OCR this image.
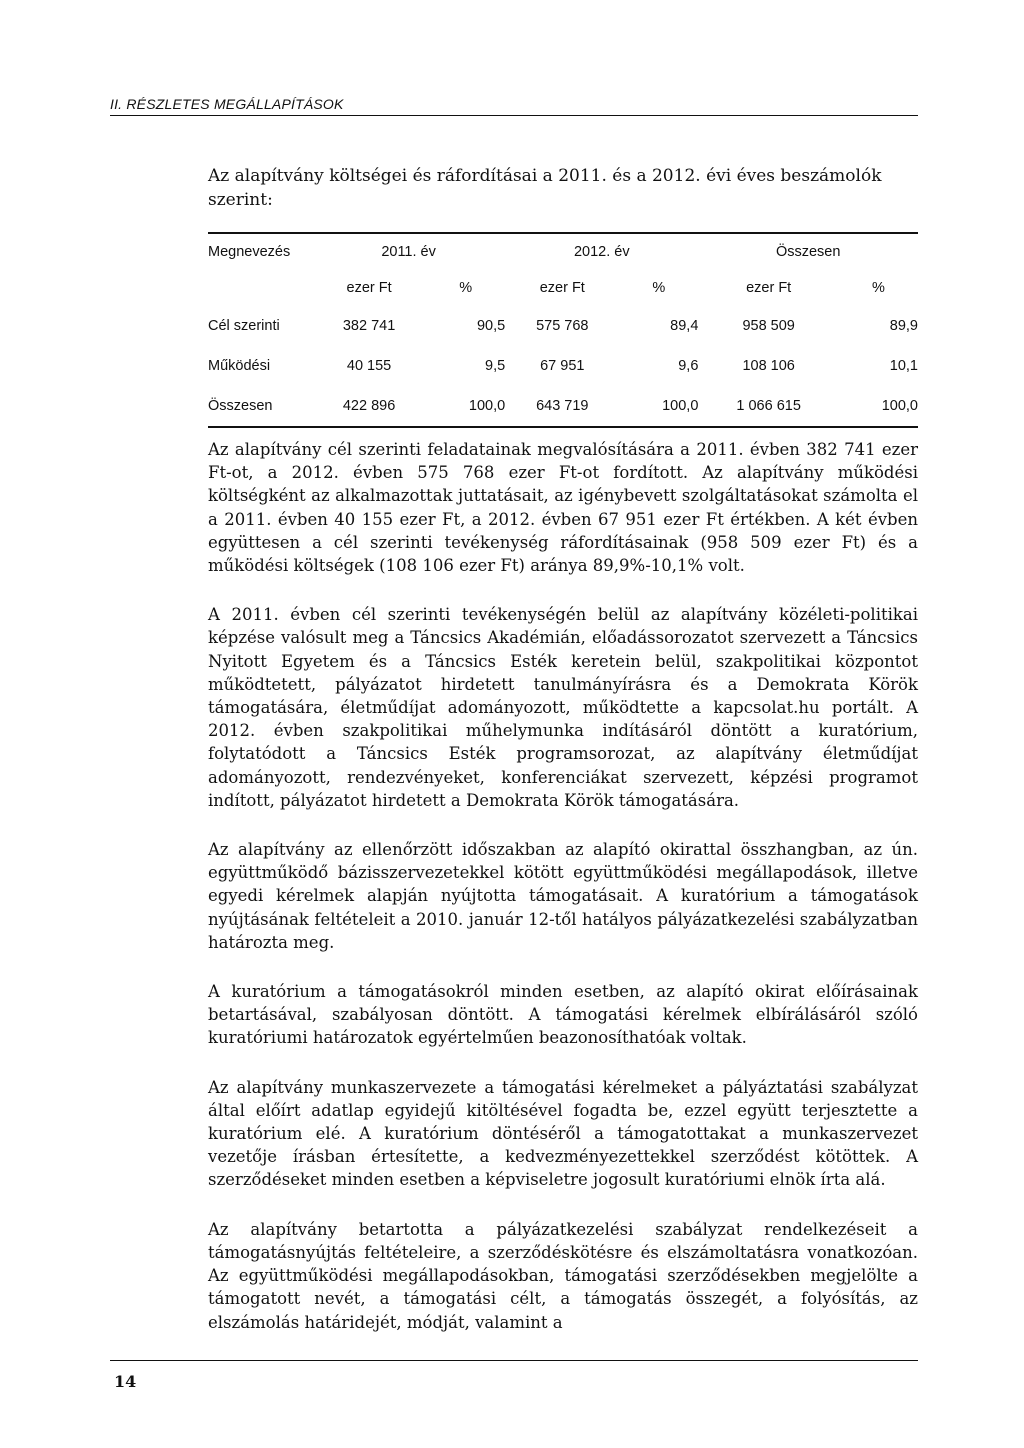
II. RÉSZLETES MEGÁLLAPÍTÁSOK

Az alapítvány költségei és ráfordításai a 2011. és a 2012. évi éves beszámolók szerint:

Megnevezés	2011. év		2012. év		Összesen	
	ezer Ft	%	ezer Ft	%	ezer Ft	%
Cél szerinti	382 741	90,5	575 768	89,4	958 509	89,9
Működési	40 155	9,5	67 951	9,6	108 106	10,1
Összesen	422 896	100,0	643 719	100,0	1 066 615	100,0

Az alapítvány cél szerinti feladatainak megvalósítására a 2011. évben 382 741 ezer Ft-ot, a 2012. évben 575 768 ezer Ft-ot fordított. Az alapítvány működési költségként az alkalmazottak juttatásait, az igénybevett szolgáltatásokat számolta el a 2011. évben 40 155 ezer Ft, a 2012. évben 67 951 ezer Ft értékben. A két évben együttesen a cél szerinti tevékenység ráfordításainak (958 509 ezer Ft) és a működési költségek (108 106 ezer Ft) aránya 89,9%-10,1% volt.

A 2011. évben cél szerinti tevékenységén belül az alapítvány közéleti-politikai képzése valósult meg a Táncsics Akadémián, előadássorozatot szervezett a Táncsics Nyitott Egyetem és a Táncsics Esték keretein belül, szakpolitikai központot működtetett, pályázatot hirdetett tanulmányírásra és a Demokrata Körök támogatására, életműdíjat adományozott, működtette a kapcsolat.hu portált. A 2012. évben szakpolitikai műhelymunka indításáról döntött a kuratórium, folytatódott a Táncsics Esték programsorozat, az alapítvány életműdíjat adományozott, rendezvényeket, konferenciákat szervezett, képzési programot indított, pályázatot hirdetett a Demokrata Körök támogatására.

Az alapítvány az ellenőrzött időszakban az alapító okirattal összhangban, az ún. együttműködő bázisszervezetekkel kötött együttműködési megállapodások, illetve egyedi kérelmek alapján nyújtotta támogatásait. A kuratórium a támogatások nyújtásának feltételeit a 2010. január 12-től hatályos pályázatkezelési szabályzatban határozta meg.

A kuratórium a támogatásokról minden esetben, az alapító okirat előírásainak betartásával, szabályosan döntött. A támogatási kérelmek elbírálásáról szóló kuratóriumi határozatok egyértelműen beazonosíthatóak voltak.

Az alapítvány munkaszervezete a támogatási kérelmeket a pályáztatási szabályzat által előírt adatlap egyidejű kitöltésével fogadta be, ezzel együtt terjesztette a kuratórium elé. A kuratórium döntéséről a támogatottakat a munkaszervezet vezetője írásban értesítette, a kedvezményezettekkel szerződést kötöttek. A szerződéseket minden esetben a képviseletre jogosult kuratóriumi elnök írta alá.

Az alapítvány betartotta a pályázatkezelési szabályzat rendelkezéseit a támogatásnyújtás feltételeire, a szerződéskötésre és elszámoltatásra vonatkozóan. Az együttműködési megállapodásokban, támogatási szerződésekben megjelölte a támogatott nevét, a támogatási célt, a támogatás összegét, a folyósítás, az elszámolás határidejét, módját, valamint a

14
